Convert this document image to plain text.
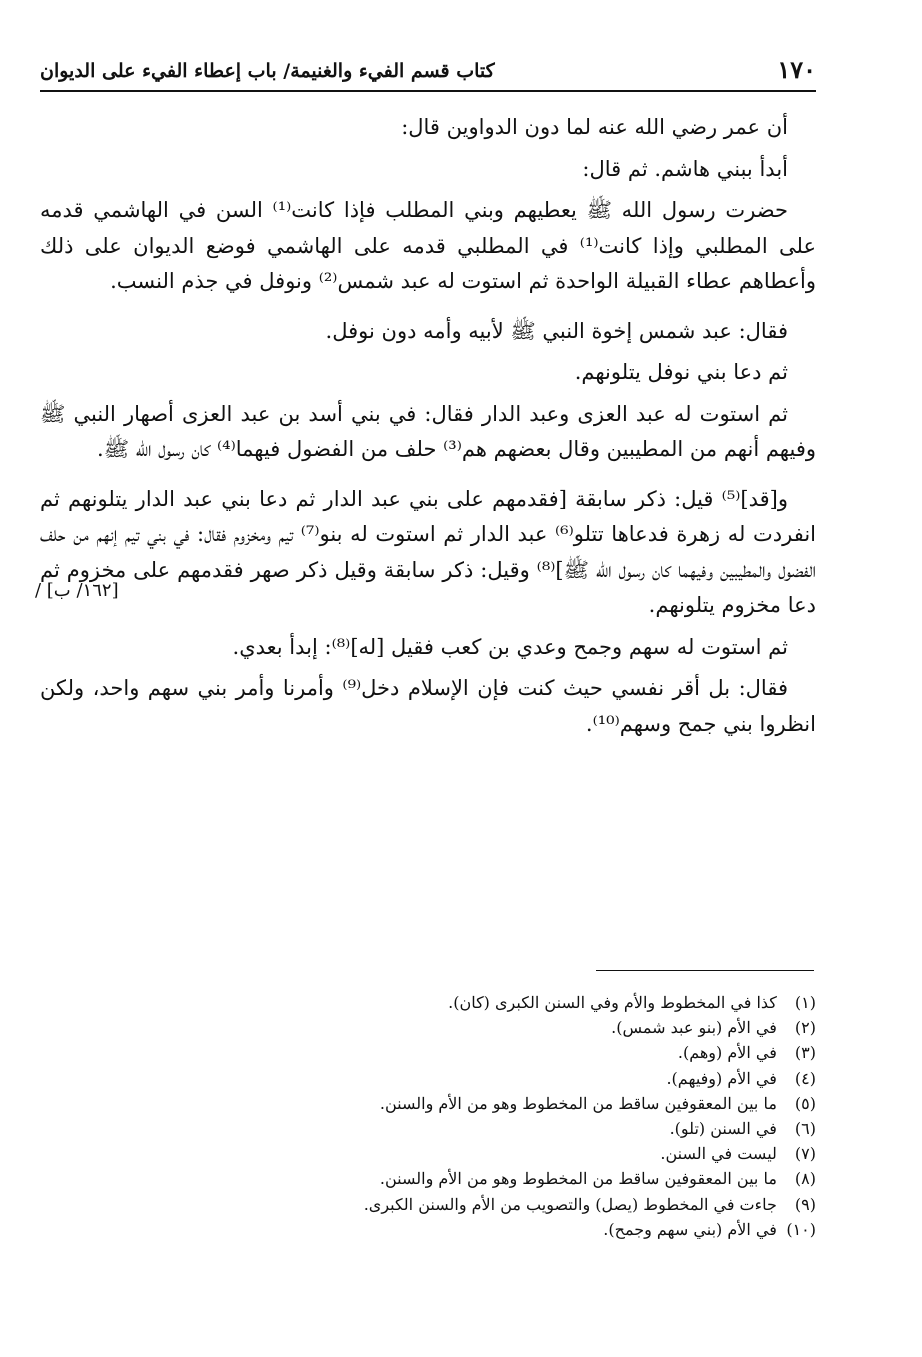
١٧٠
كتاب قسم الفيء والغنيمة/ باب إعطاء الفيء على الديوان

أن عمر رضي الله عنه لما دون الدواوين قال:

أبدأ ببني هاشم. ثم قال:

حضرت رسول الله ﷺ يعطيهم وبني المطلب فإذا كانت⁽¹⁾ السن في الهاشمي قدمه على المطلبي وإذا كانت⁽¹⁾ في المطلبي قدمه على الهاشمي فوضع الديوان على ذلك وأعطاهم عطاء القبيلة الواحدة ثم استوت له عبد شمس⁽²⁾ ونوفل في جذم النسب.

فقال: عبد شمس إخوة النبي ﷺ لأبيه وأمه دون نوفل.

ثم دعا بني نوفل يتلونهم.

ثم استوت له عبد العزى وعبد الدار فقال: في بني أسد بن عبد العزى أصهار النبي ﷺ وفيهم أنهم من المطيبين وقال بعضهم هم⁽³⁾ حلف من الفضول فيهما⁽⁴⁾ كان رسول الله ﷺ.

و[قد]⁽⁵⁾ قيل: ذكر سابقة [فقدمهم على بني عبد الدار ثم دعا بني عبد الدار يتلونهم ثم انفردت له زهرة فدعاها تتلو⁽⁶⁾ عبد الدار ثم استوت له بنو⁽⁷⁾ تيم ومخزوم فقال: في بني تيم إنهم من حلف الفضول والمطيبين وفيهما كان رسول الله ﷺ]⁽⁸⁾ وقيل: ذكر سابقة وقيل ذكر صهر فقدمهم على مخزوم ثم دعا مخزوم يتلونهم.

ثم استوت له سهم وجمح وعدي بن كعب فقيل [له]⁽⁸⁾: إبدأ بعدي.

فقال: بل أقر نفسي حيث كنت فإن الإسلام دخل⁽⁹⁾ وأمرنا وأمر بني سهم واحد، ولكن انظروا بني جمح وسهم⁽¹⁰⁾.

[١٦٢/ ب] /
( ١ ) كذا في المخطوط والأم وفي السنن الكبرى (كان).
( ٢ ) في الأم (بنو عبد شمس).
( ٣ ) في الأم (وهم).
( ٤ ) في الأم (وفيهم).
( ٥ ) ما بين المعقوفين ساقط من المخطوط وهو من الأم والسنن.
( ٦ ) في السنن (تلو).
( ٧ ) ليست في السنن.
( ٨ ) ما بين المعقوفين ساقط من المخطوط وهو من الأم والسنن.
( ٩ ) جاءت في المخطوط (يصل) والتصويب من الأم والسنن الكبرى.
( ١٠ ) في الأم (بني سهم وجمح).
